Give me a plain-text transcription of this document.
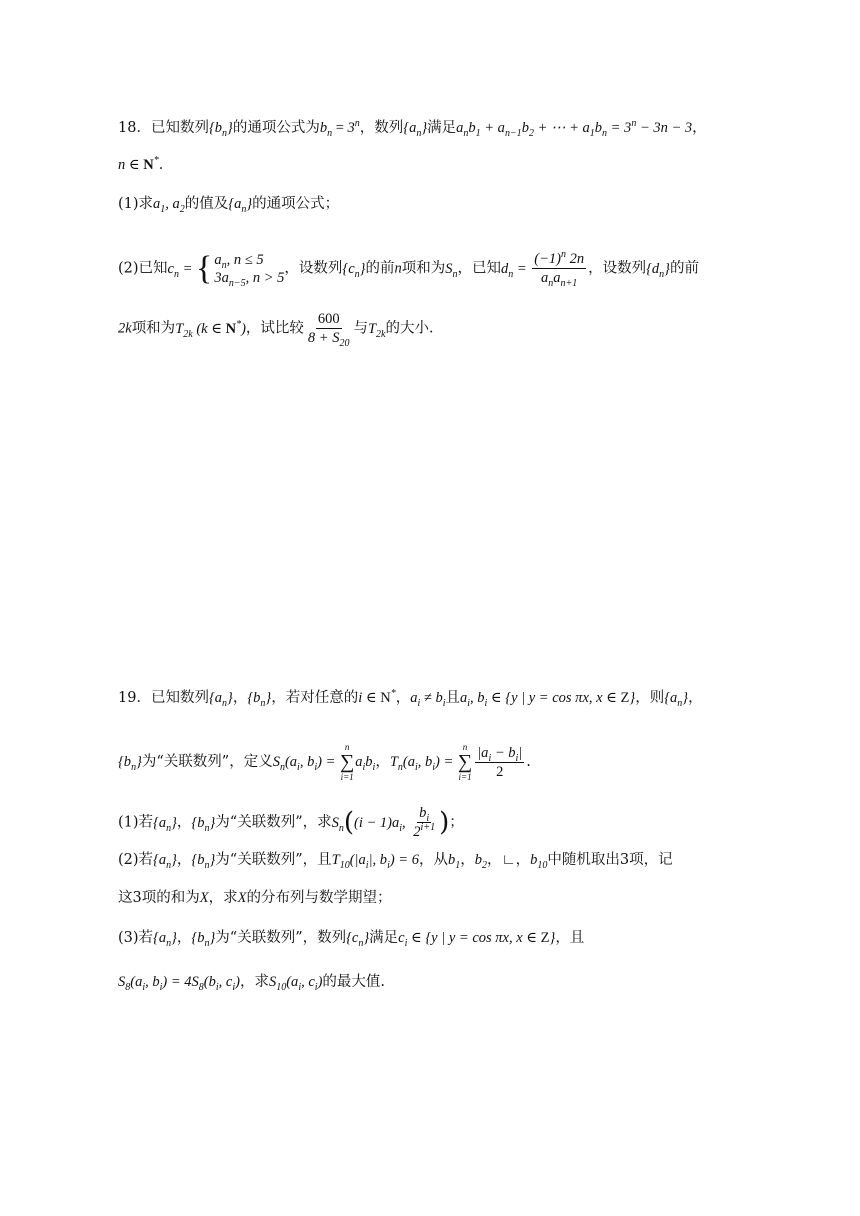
18．已知数列$\{b_n\}$的通项公式为$b_n = 3^n$，数列$\{a_n\}$满足$a_nb_1 + a_{n-1}b_2$ + ⋯ + $a_1b_n = 3^n - 3n - 3$，
n ∈ N*．
(1)求$a_1$, $a_2$的值及$\{a_n\}$的通项公式；
(2)已知$c_n$ = { $a_n$, n ≤ 5
$3a_{n-5}$, n > 5
，设数列$\{c_n\}$的前n项和为$S_n$，已知$d_n = \frac{(-1)^n 2n}{a_na_{n+1}}$ ，设数列$\{d_n\}$的前
2k项和为$T_{2k}$ (k ∈ N*)，试比较 $\frac{600}{8 + S_{20}}$ 与$T_{2k}$的大小．
19．已知数列$\{a_n\}$，$\{b_n\}$，若对任意的i ∈ N*，$a_i \ne b_i$且$a_i$, $b_i$ ∈ {y | y = cos πx, x ∈ Z}，则$\{a_n\}$，
$\{b_n\}$为“关联数列”，定义$S_n(a_i$, $b_i$) =
n
∑
i=1
$a_ib_i$，$T_n(a_i$, $b_i$) =
n
∑
$i=1 \frac{|a_i - b_i|}{2}$ .
(1)若$\{a_n\}$，$\{b_n\}$为“关联数列”，求$S_n((i - 1)a_i$, $\frac{b_i}{2^{i+1}}$ )；
(2)若$\{a_n\}$，$\{b_n\}$为“关联数列”，且$T_{10}(|a_i|$, $b_i) = 6$，从$b_1$，$b_2$，∟，$b_{10}$中随机取出3项，记
这3项的和为X，求X的分布列与数学期望；
(3)若$\{a_n\}$，$\{b_n\}$为“关联数列”，数列$\{c_n\}$满足$c_i$ ∈ {y | y = cos πx, x ∈ Z}，且
$S_8(a_i$, $b_i) = 4S_8(b_i$, $c_i$)，求$S_{10}(a_i$, $c_i$)的最大值.
